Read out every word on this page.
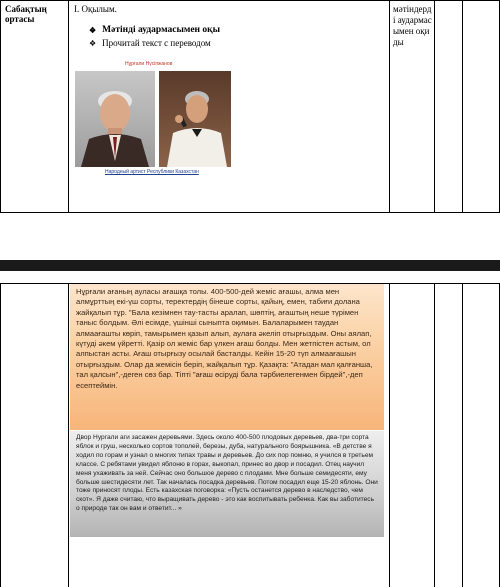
Сабақтың ортасы
I. Оқылым.
❖ Мәтінді аудармасымен оқы
❖ Прочитай текст с переводом
Нұрғали Нүсіпжанов
Народный артист Республики Казахстан
мәтіндерді аудармасымен оқиды

Нұрғали ағаның ауласы ағашқа толы. 400-500-дей жеміс ағашы, алма мен алмұрттың екі-үш сорты, теректердің бінеше сорты, қайың, емен, табиғи долана жайқалып тұр. "Бала кезімнен тау-тасты аралап, шөптің, ағаштың неше түрімен таныс болдым. Әлі есімде, үшінші сыныпта оқимын. Балаларымен таудан алмаағашты көріп, тамырымен қазып алып, аулаға әкеліп отырғыздым. Оны аялап, күтуді әкем үйретті. Қазір ол жеміс бар үлкен ағаш болды. Мен жетпістен астым, ол алпыстан асты. Ағаш отырғызу осылай басталды. Кейін 15-20 түп алмаағашын отырғыздым. Олар да жемісін беріп, жайқалып тұр. Қазақта: "Атадан мал қалғанша, тал қалсын",-деген сөз бар. Тіпті "ағаш өсіруді бала тәрбиелегенмен бірдей",-деп есептеймін.

Двор Нургали аги засажен деревьями. Здесь около 400-500 плодовых деревьев, два-три сорта яблок и груш, несколько сортов тополей, березы, дуба, натурального боярышника. «В детстве я ходил по горам и узнал о многих типах травы и деревьев. До сих пор помню, я учился в третьем классе. С ребятами увидел яблоню в горах, выкопал, принес во двор и посадил. Отец научил меня ухаживать за ней. Сейчас оно большое дерево с плодами. Мне больше семидесяти, ему больше шестидесяти лет. Так началась посадка деревьев. Потом посадил еще 15-20 яблонь. Они тоже приносят плоды. Есть казахская поговорка: «Пусть останется дерево в наследство, чем скот». Я даже считаю, что выращивать дерево - это как воспитывать ребенка. Как вы заботитесь о природе так он вам и ответит... »
